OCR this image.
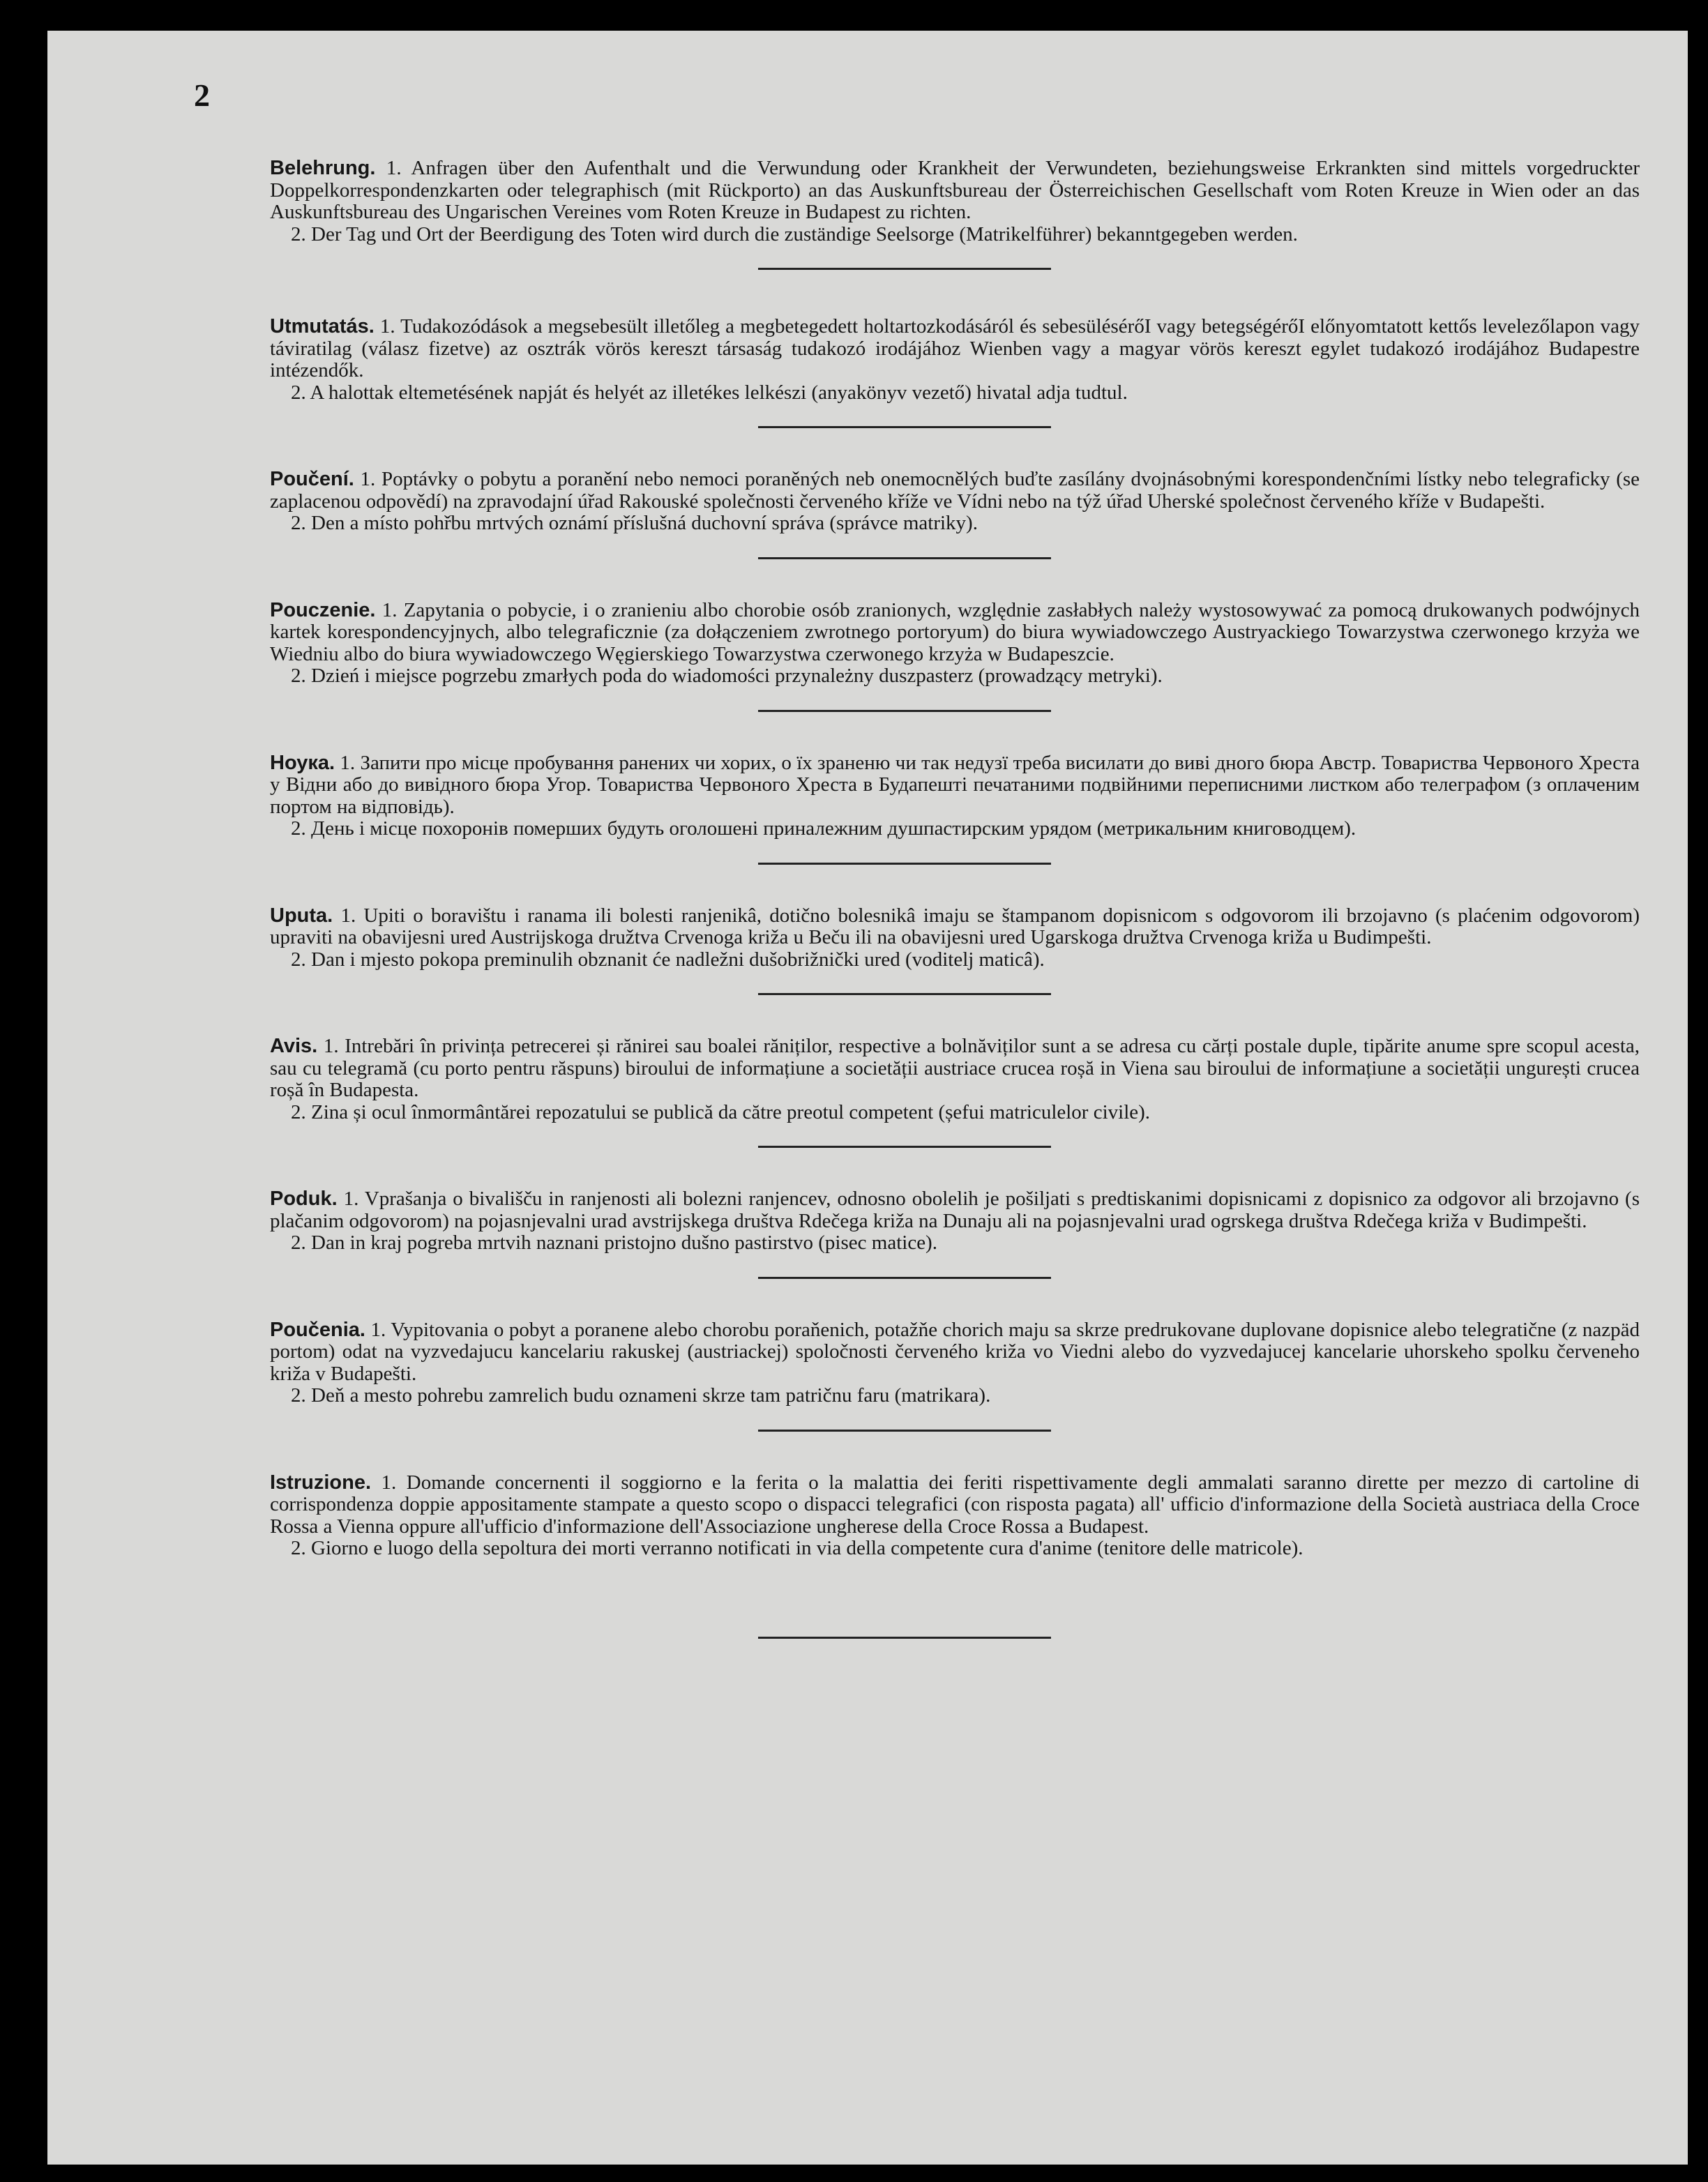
2

Belehrung. 1. Anfragen über den Aufenthalt und die Verwundung oder Krankheit der Verwundeten, beziehungsweise Erkrankten sind mittels vorgedruckter Doppelkorrespondenzkarten oder telegraphisch (mit Rückporto) an das Auskunftsbureau der Österreichischen Gesellschaft vom Roten Kreuze in Wien oder an das Auskunftsbureau des Ungarischen Vereines vom Roten Kreuze in Budapest zu richten.

2. Der Tag und Ort der Beerdigung des Toten wird durch die zuständige Seelsorge (Matrikelführer) bekanntgegeben werden.

Utmutatás. 1. Tudakozódások a megsebesült illetőleg a megbetegedett holtartozkodásáról és sebesülésérőI vagy betegségérőI előnyomtatott kettős levelezőlapon vagy táviratilag (válasz fizetve) az osztrák vörös kereszt társaság tudakozó irodájához Wienben vagy a magyar vörös kereszt egylet tudakozó irodájához Budapestre intézendők.

2. A halottak eltemetésének napját és helyét az illetékes lelkészi (anyakönyv vezető) hivatal adja tudtul.

Poučení. 1. Poptávky o pobytu a poranění nebo nemoci poraněných neb onemocnělých buďte zasílány dvojnásobnými korespondenčními lístky nebo telegraficky (se zaplacenou odpovědí) na zpravodajní úřad Rakouské společnosti červeného kříže ve Vídni nebo na týž úřad Uherské společnost červeného kříže v Budapešti.

2. Den a místo pohřbu mrtvých oznámí příslušná duchovní správa (správce matriky).

Pouczenie. 1. Zapytania o pobycie, i o zranieniu albo chorobie osób zranionych, względnie zasłabłych należy wystosowywać za pomocą drukowanych podwójnych kartek korespondencyjnych, albo telegraficznie (za dołączeniem zwrotnego portoryum) do biura wywiadowczego Austryackiego Towarzystwa czerwonego krzyża we Wiedniu albo do biura wywiadowczego Węgierskiego Towarzystwa czerwonego krzyża w Budapeszcie.

2. Dzień i miejsce pogrzebu zmarłych poda do wiadomości przynależny duszpasterz (prowadzący metryki).

Ноука. 1. Запити про місце пробування ранених чи хорих, о їх зраненю чи так недузї треба висилати до виві дного бюра Австр. Товариства Червоного Хреста у Відни або до вивідного бюра Угор. Товариства Червоного Хреста в Будапешті печатаними подвійними переписними листком або телеграфом (з оплаченим портом на відповідь).

2. День і місце похоронів померших будуть оголошені приналежним душпастирским урядом (метрикальним книговодцем).

Uputa. 1. Upiti o boravištu i ranama ili bolesti ranjenikâ, dotično bolesnikâ imaju se štampanom dopisnicom s odgovorom ili brzojavno (s plaćenim odgovorom) upraviti na obavijesni ured Austrijskoga družtva Crvenoga križa u Beču ili na obavijesni ured Ugarskoga družtva Crvenoga križa u Budimpešti.

2. Dan i mjesto pokopa preminulih obznanit će nadležni dušobrižnički ured (voditelj maticâ).

Avis. 1. Intrebări în privința petrecerei și rănirei sau boalei răniților, respective a bolnăviților sunt a se adresa cu cărți postale duple, tipărite anume spre scopul acesta, sau cu telegramă (cu porto pentru răspuns) biroului de informațiune a societății austriace crucea roșă in Viena sau biroului de informațiune a societății ungurești crucea roșă în Budapesta.

2. Zina și ocul înmormântărei repozatului se publică da către preotul competent (șefui matriculelor civile).

Poduk. 1. Vprašanja o bivališču in ranjenosti ali bolezni ranjencev, odnosno obolelih je pošiljati s predtiskanimi dopisnicami z dopisnico za odgovor ali brzojavno (s plačanim odgovorom) na pojasnjevalni urad avstrijskega društva Rdečega križa na Dunaju ali na pojasnjevalni urad ogrskega društva Rdečega križa v Budimpešti.

2. Dan in kraj pogreba mrtvih naznani pristojno dušno pastirstvo (pisec matice).

Poučenia. 1. Vypitovania o pobyt a poranene alebo chorobu poraňenich, potažňe chorich maju sa skrze predrukovane duplovane dopisnice alebo telegratične (z nazpäd portom) odat na vyzvedajucu kancelariu rakuskej (austriackej) spoločnosti červeného križa vo Viedni alebo do vyzvedajucej kancelarie uhorskeho spolku červeneho križa v Budapešti.

2. Deň a mesto pohrebu zamrelich budu oznameni skrze tam patričnu faru (matrikara).

Istruzione. 1. Domande concernenti il soggiorno e la ferita o la malattia dei feriti rispettivamente degli ammalati saranno dirette per mezzo di cartoline di corrispondenza doppie appositamente stampate a questo scopo o dispacci telegrafici (con risposta pagata) all' ufficio d'informazione della Società austriaca della Croce Rossa a Vienna oppure all'ufficio d'informazione dell'Associazione ungherese della Croce Rossa a Budapest.

2. Giorno e luogo della sepoltura dei morti verranno notificati in via della competente cura d'anime (tenitore delle matricole).
